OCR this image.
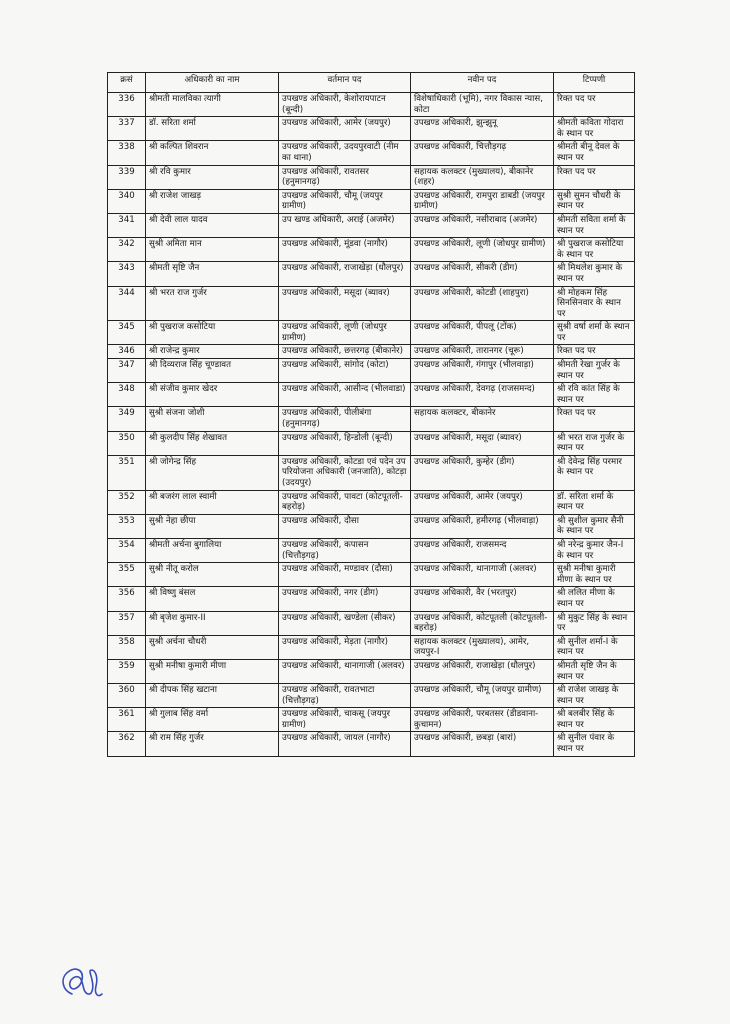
क्रसं	अधिकारी का नाम	वर्तमान पद	नवीन पद	टिप्पणी
336	श्रीमती मालविका त्यागी	उपखण्ड अधिकारी, केशोरायपाटन (बून्दी)	विशेषाधिकारी (भूमि), नगर विकास न्यास, कोटा	रिक्त पद पर
337	डॉ. सरिता शर्मा	उपखण्ड अधिकारी, आमेर (जयपुर)	उपखण्ड अधिकारी, झुन्झुनू	श्रीमती कविता गोदारा के स्थान पर
338	श्री कल्पित शिवरान	उपखण्ड अधिकारी, उदयपुरवाटी (नीम का थाना)	उपखण्ड अधिकारी, चित्तौड़गढ़	श्रीमती बीनू देवल के स्थान पर
339	श्री रवि कुमार	उपखण्ड अधिकारी, रावतसर (हनुमानगढ़)	सहायक कलक्टर (मुख्यालय), बीकानेर (शहर)	रिक्त पद पर
340	श्री राजेश जाखड़	उपखण्ड अधिकारी, चौमू (जयपुर ग्रामीण)	उपखण्ड अधिकारी, रामपुरा डाबडी (जयपुर ग्रामीण)	सुश्री सुमन चौधरी के स्थान पर
341	श्री देवी लाल यादव	उप खण्ड अधिकारी, अराई (अजमेर)	उपखण्ड अधिकारी, नसीराबाद (अजमेर)	श्रीमती सविता शर्मा के स्थान पर
342	सुश्री अमिता मान	उपखण्ड अधिकारी, मूंडवा (नागौर)	उपखण्ड अधिकारी, लूणी (जोधपुर ग्रामीण)	श्री पुखराज कसोटिया के स्थान पर
343	श्रीमती सृष्टि जैन	उपखण्ड अधिकारी, राजाखेड़ा (धौलपुर)	उपखण्ड अधिकारी, सीकरी (डीग)	श्री मिथलेश कुमार के स्थान पर
344	श्री भरत राज गुर्जर	उपखण्ड अधिकारी, मसूदा (ब्यावर)	उपखण्ड अधिकारी, कोटडी (शाहपुरा)	श्री मोहकम सिंह सिनसिनवार के स्थान पर
345	श्री पुखराज कसोटिया	उपखण्ड अधिकारी, लूणी (जोधपुर ग्रामीण)	उपखण्ड अधिकारी, पीपलू (टोंक)	सुश्री वर्षा शर्मा के स्थान पर
346	श्री राजेन्द्र कुमार	उपखण्ड अधिकारी, छत्तरगढ़ (बीकानेर)	उपखण्ड अधिकारी, तारानगर (चूरू)	रिक्त पद पर
347	श्री दिव्यराज सिंह चूण्डावत	उपखण्ड अधिकारी, सांगोद (कोटा)	उपखण्ड अधिकारी, गंगापुर (भीलवाड़ा)	श्रीमती रेखा गुर्जर के स्थान पर
348	श्री संजीव कुमार खेदर	उपखण्ड अधिकारी, आसीन्द (भीलवाडा)	उपखण्ड अधिकारी, देवगढ़ (राजसमन्द)	श्री रवि कांत सिंह के स्थान पर
349	सुश्री संजना जोशी	उपखण्ड अधिकारी, पीलीबंगा (हनुमानगढ़)	सहायक कलक्टर, बीकानेर	रिक्त पद पर
350	श्री कुलदीप सिंह शेखावत	उपखण्ड अधिकारी, हिन्डोली (बून्दी)	उपखण्ड अधिकारी, मसूदा (ब्यावर)	श्री भरत राज गुर्जर के स्थान पर
351	श्री जोगेन्द्र सिंह	उपखण्ड अधिकारी, कोटडा एवं पदेन उप परियोजना अधिकारी (जनजाति), कोटड़ा (उदयपुर)	उपखण्ड अधिकारी, कुम्हेर (डीग)	श्री देवेन्द्र सिंह परमार के स्थान पर
352	श्री बजरंग लाल स्वामी	उपखण्ड अधिकारी, पावटा (कोटपूतली-बहरोड़)	उपखण्ड अधिकारी, आमेर (जयपुर)	डॉ. सरिता शर्मा के स्थान पर
353	सुश्री नेहा छीपा	उपखण्ड अधिकारी, दौसा	उपखण्ड अधिकारी, हमीरगढ़ (भीलवाड़ा)	श्री सुशील कुमार सैनी के स्थान पर
354	श्रीमती अर्चना बुगालिया	उपखण्ड अधिकारी, कपासन (चित्तौड़गढ़)	उपखण्ड अधिकारी, राजसमन्द	श्री नरेन्द्र कुमार जैन-I के स्थान पर
355	सुश्री नीतू करोल	उपखण्ड अधिकारी, मण्डावर (दौसा)	उपखण्ड अधिकारी, थानागाजी (अलवर)	सुश्री मनीषा कुमारी मीणा के स्थान पर
356	श्री विष्णु बंसल	उपखण्ड अधिकारी, नगर (डीग)	उपखण्ड अधिकारी, वैर (भरतपुर)	श्री ललित मीणा के स्थान पर
357	श्री बृजेश कुमार-II	उपखण्ड अधिकारी, खण्डेला (सीकर)	उपखण्ड अधिकारी, कोटपूतली (कोटपूतली-बहरोड़)	श्री मुकुट सिंह के स्थान पर
358	सुश्री अर्चना चौधरी	उपखण्ड अधिकारी, मेड़ता (नागौर)	सहायक कलक्टर (मुख्यालय), आमेर, जयपुर-I	श्री सुनील शर्मा-I के स्थान पर
359	सुश्री मनीषा कुमारी मीणा	उपखण्ड अधिकारी, थानागाजी (अलवर)	उपखण्ड अधिकारी, राजाखेड़ा (धौलपुर)	श्रीमती सृष्टि जैन के स्थान पर
360	श्री दीपक सिंह खटाना	उपखण्ड अधिकारी, रावतभाटा (चित्तौड़गढ़)	उपखण्ड अधिकारी, चौमू (जयपुर ग्रामीण)	श्री राजेश जाखड़ के स्थान पर
361	श्री गुलाब सिंह वर्मा	उपखण्ड अधिकारी, चाकसू (जयपुर ग्रामीण)	उपखण्ड अधिकारी, परबतसर (डीडवाना-कुचामन)	श्री बलबीर सिंह के स्थान पर
362	श्री राम सिंह गुर्जर	उपखण्ड अधिकारी, जायल (नागौर)	उपखण्ड अधिकारी, छबड़ा (बारां)	श्री सुनील पंवार के स्थान पर
